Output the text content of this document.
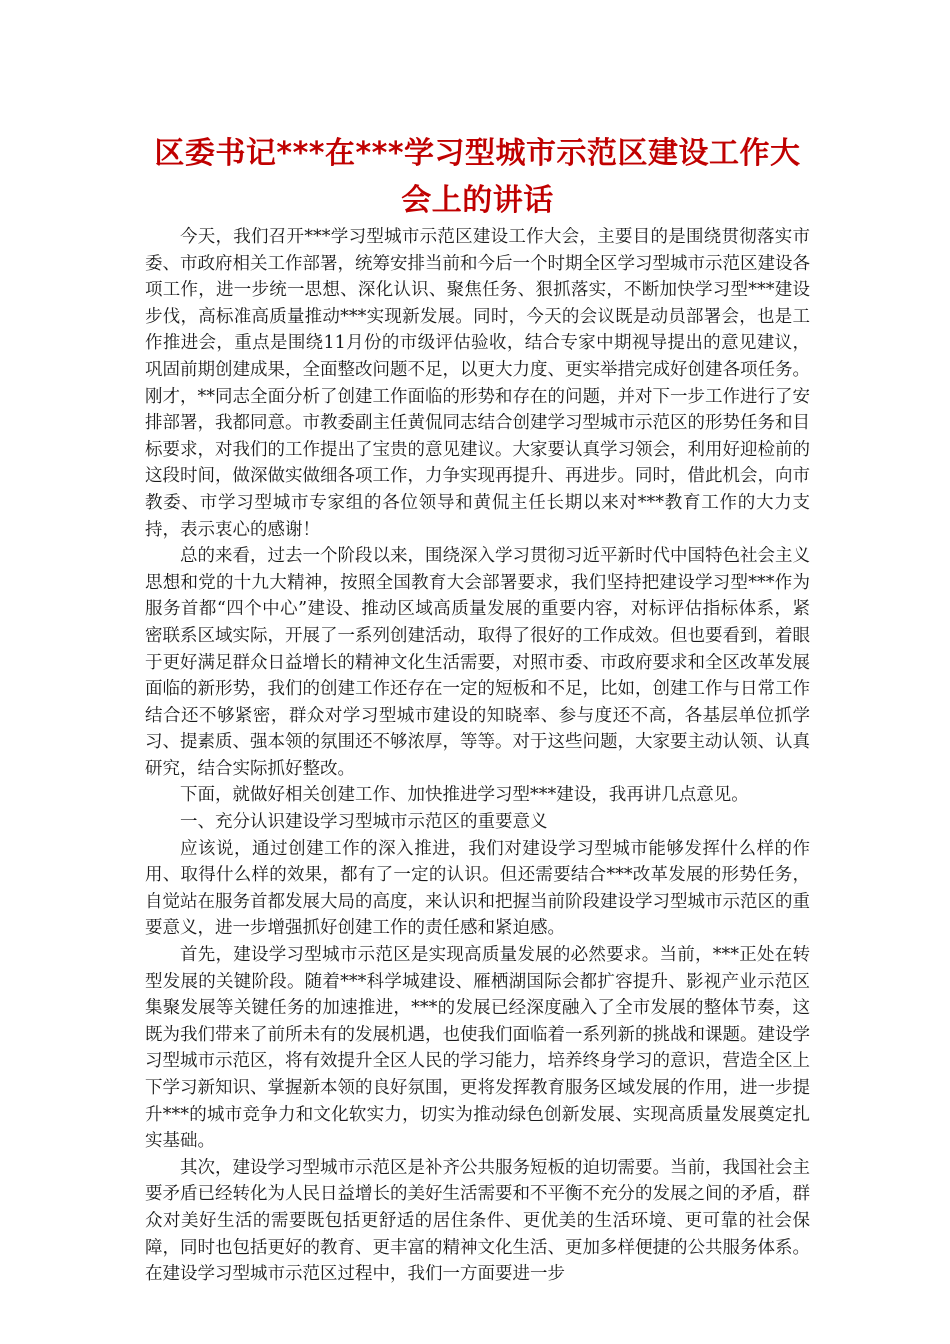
区委书记***在***学习型城市示范区建设工作大会上的讲话

今天，我们召开***学习型城市示范区建设工作大会，主要目的是围绕贯彻落实市委、市政府相关工作部署，统筹安排当前和今后一个时期全区学习型城市示范区建设各项工作，进一步统一思想、深化认识、聚焦任务、狠抓落实，不断加快学习型***建设步伐，高标准高质量推动***实现新发展。同时，今天的会议既是动员部署会，也是工作推进会，重点是围绕11月份的市级评估验收，结合专家中期视导提出的意见建议，巩固前期创建成果，全面整改问题不足，以更大力度、更实举措完成好创建各项任务。刚才，**同志全面分析了创建工作面临的形势和存在的问题，并对下一步工作进行了安排部署，我都同意。市教委副主任黄侃同志结合创建学习型城市示范区的形势任务和目标要求，对我们的工作提出了宝贵的意见建议。大家要认真学习领会，利用好迎检前的这段时间，做深做实做细各项工作，力争实现再提升、再进步。同时，借此机会，向市教委、市学习型城市专家组的各位领导和黄侃主任长期以来对***教育工作的大力支持，表示衷心的感谢！

总的来看，过去一个阶段以来，围绕深入学习贯彻习近平新时代中国特色社会主义思想和党的十九大精神，按照全国教育大会部署要求，我们坚持把建设学习型***作为服务首都“四个中心”建设、推动区域高质量发展的重要内容，对标评估指标体系，紧密联系区域实际，开展了一系列创建活动，取得了很好的工作成效。但也要看到，着眼于更好满足群众日益增长的精神文化生活需要，对照市委、市政府要求和全区改革发展面临的新形势，我们的创建工作还存在一定的短板和不足，比如，创建工作与日常工作结合还不够紧密，群众对学习型城市建设的知晓率、参与度还不高，各基层单位抓学习、提素质、强本领的氛围还不够浓厚，等等。对于这些问题，大家要主动认领、认真研究，结合实际抓好整改。

下面，就做好相关创建工作、加快推进学习型***建设，我再讲几点意见。

一、充分认识建设学习型城市示范区的重要意义

应该说，通过创建工作的深入推进，我们对建设学习型城市能够发挥什么样的作用、取得什么样的效果，都有了一定的认识。但还需要结合***改革发展的形势任务，自觉站在服务首都发展大局的高度，来认识和把握当前阶段建设学习型城市示范区的重要意义，进一步增强抓好创建工作的责任感和紧迫感。

首先，建设学习型城市示范区是实现高质量发展的必然要求。当前，***正处在转型发展的关键阶段。随着***科学城建设、雁栖湖国际会都扩容提升、影视产业示范区集聚发展等关键任务的加速推进，***的发展已经深度融入了全市发展的整体节奏，这既为我们带来了前所未有的发展机遇，也使我们面临着一系列新的挑战和课题。建设学习型城市示范区，将有效提升全区人民的学习能力，培养终身学习的意识，营造全区上下学习新知识、掌握新本领的良好氛围，更将发挥教育服务区域发展的作用，进一步提升***的城市竞争力和文化软实力，切实为推动绿色创新发展、实现高质量发展奠定扎实基础。

其次，建设学习型城市示范区是补齐公共服务短板的迫切需要。当前，我国社会主要矛盾已经转化为人民日益增长的美好生活需要和不平衡不充分的发展之间的矛盾，群众对美好生活的需要既包括更舒适的居住条件、更优美的生活环境、更可靠的社会保障，同时也包括更好的教育、更丰富的精神文化生活、更加多样便捷的公共服务体系。在建设学习型城市示范区过程中，我们一方面要进一步
